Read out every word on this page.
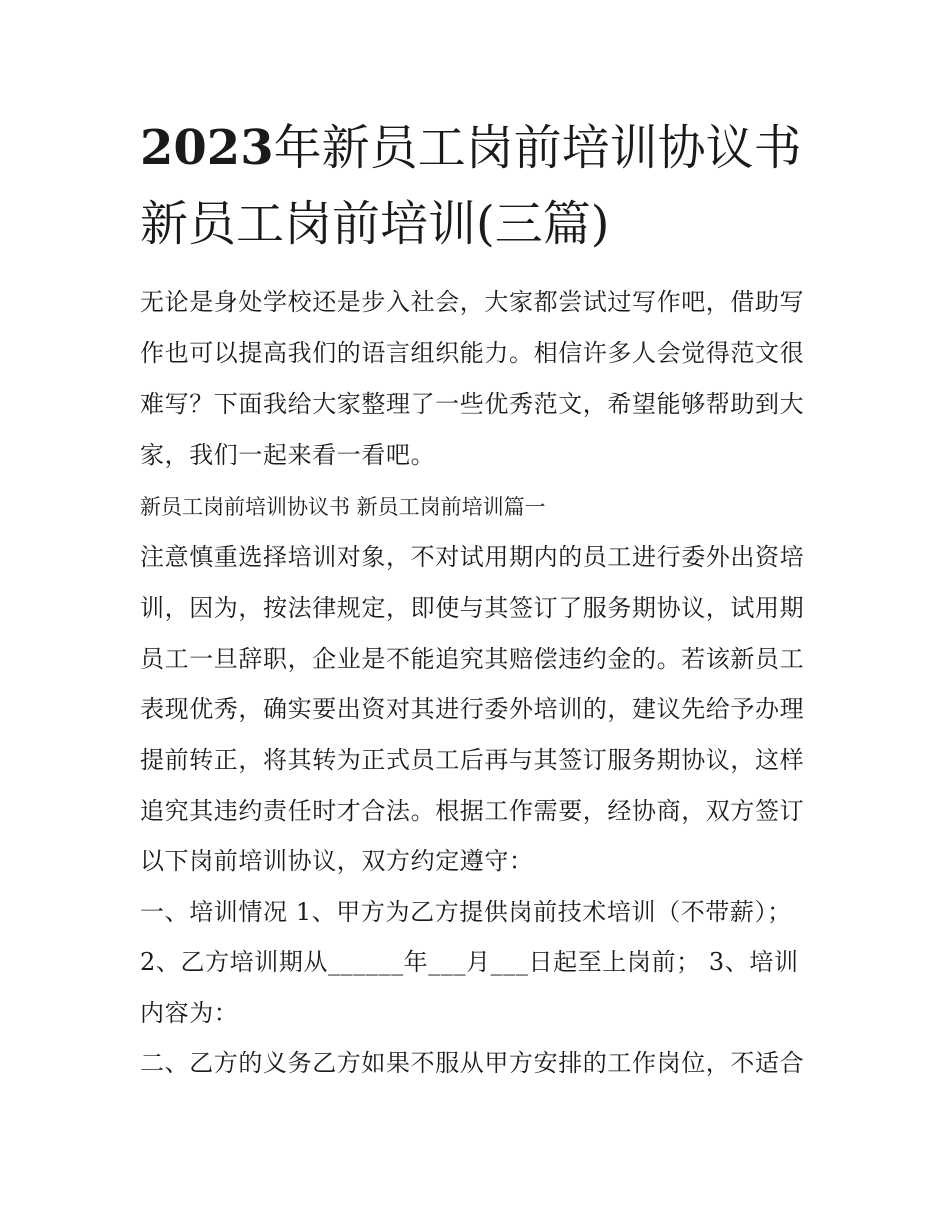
2023年新员工岗前培训协议书
新员工岗前培训(三篇)
无论是身处学校还是步入社会，大家都尝试过写作吧，借助写
作也可以提高我们的语言组织能力。相信许多人会觉得范文很
难写？下面我给大家整理了一些优秀范文，希望能够帮助到大
家，我们一起来看一看吧。
新员工岗前培训协议书 新员工岗前培训篇一
注意慎重选择培训对象，不对试用期内的员工进行委外出资培
训，因为，按法律规定，即使与其签订了服务期协议，试用期
员工一旦辞职，企业是不能追究其赔偿违约金的。若该新员工
表现优秀，确实要出资对其进行委外培训的，建议先给予办理
提前转正，将其转为正式员工后再与其签订服务期协议，这样
追究其违约责任时才合法。根据工作需要，经协商，双方签订
以下岗前培训协议，双方约定遵守：
一、培训情况 1、甲方为乙方提供岗前技术培训（不带薪）；
2、乙方培训期从______年___月___日起至上岗前； 3、培训
内容为：
二、乙方的义务乙方如果不服从甲方安排的工作岗位，不适合
